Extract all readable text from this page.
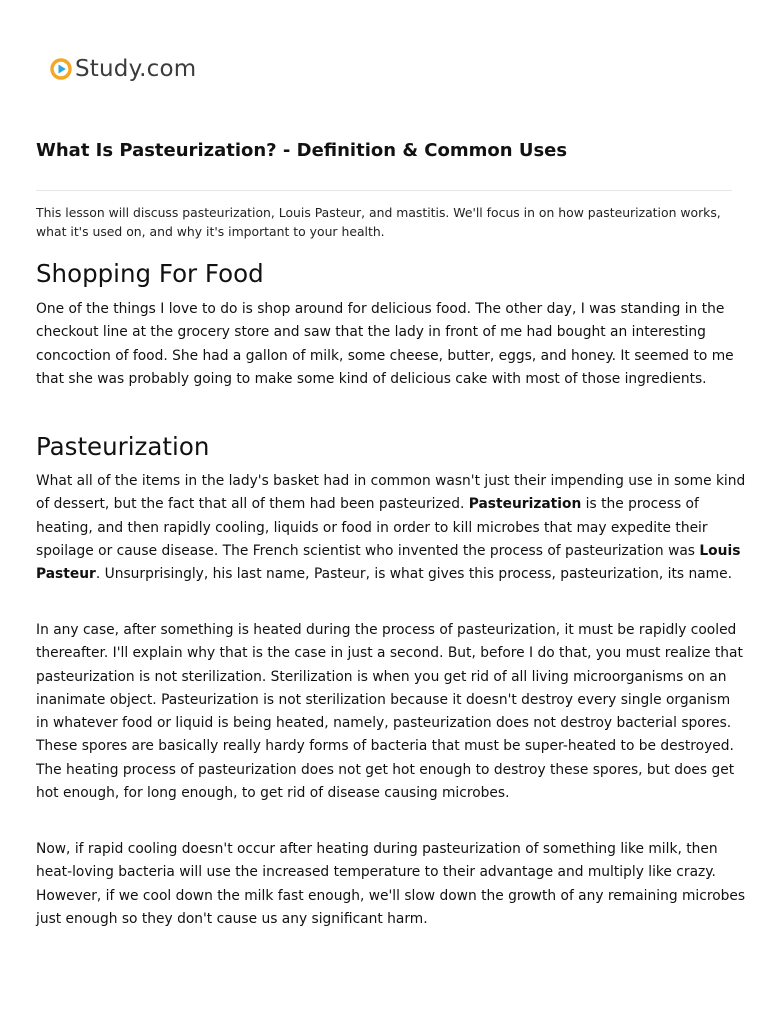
Study.com
What Is Pasteurization? - Definition & Common Uses

This lesson will discuss pasteurization, Louis Pasteur, and mastitis. We'll focus in on how pasteurization works, what it's used on, and why it's important to your health.

Shopping For Food

One of the things I love to do is shop around for delicious food. The other day, I was standing in the checkout line at the grocery store and saw that the lady in front of me had bought an interesting concoction of food. She had a gallon of milk, some cheese, butter, eggs, and honey. It seemed to me that she was probably going to make some kind of delicious cake with most of those ingredients.

Pasteurization

What all of the items in the lady's basket had in common wasn't just their impending use in some kind of dessert, but the fact that all of them had been pasteurized. Pasteurization is the process of heating, and then rapidly cooling, liquids or food in order to kill microbes that may expedite their spoilage or cause disease. The French scientist who invented the process of pasteurization was Louis Pasteur. Unsurprisingly, his last name, Pasteur, is what gives this process, pasteurization, its name.

In any case, after something is heated during the process of pasteurization, it must be rapidly cooled thereafter. I'll explain why that is the case in just a second. But, before I do that, you must realize that pasteurization is not sterilization. Sterilization is when you get rid of all living microorganisms on an inanimate object. Pasteurization is not sterilization because it doesn't destroy every single organism in whatever food or liquid is being heated, namely, pasteurization does not destroy bacterial spores. These spores are basically really hardy forms of bacteria that must be super-heated to be destroyed. The heating process of pasteurization does not get hot enough to destroy these spores, but does get hot enough, for long enough, to get rid of disease causing microbes.

Now, if rapid cooling doesn't occur after heating during pasteurization of something like milk, then heat-loving bacteria will use the increased temperature to their advantage and multiply like crazy. However, if we cool down the milk fast enough, we'll slow down the growth of any remaining microbes just enough so they don't cause us any significant harm.
